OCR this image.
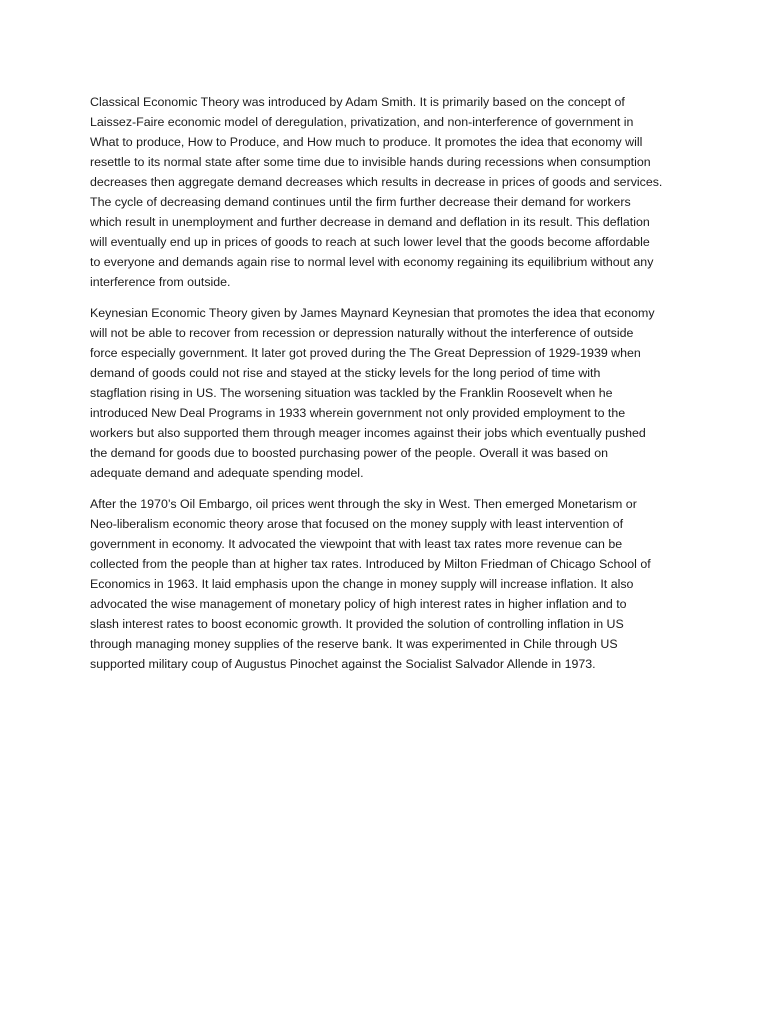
Classical Economic Theory was introduced by Adam Smith. It is primarily based on the concept of
Laissez-Faire economic model of deregulation, privatization, and non-interference of government in
What to produce, How to Produce, and How much to produce. It promotes the idea that economy will
resettle to its normal state after some time due to invisible hands during recessions when consumption
decreases then aggregate demand decreases which results in decrease in prices of goods and services.
The cycle of decreasing demand continues until the firm further decrease their demand for workers
which result in unemployment and further decrease in demand and deflation in its result. This deflation
will eventually end up in prices of goods to reach at such lower level that the goods become affordable
to everyone and demands again rise to normal level with economy regaining its equilibrium without any
interference from outside.

Keynesian Economic Theory given by James Maynard Keynesian that promotes the idea that economy
will not be able to recover from recession or depression naturally without the interference of outside
force especially government. It later got proved during the The Great Depression of 1929-1939 when
demand of goods could not rise and stayed at the sticky levels for the long period of time with
stagflation rising in US. The worsening situation was tackled by the Franklin Roosevelt when he
introduced New Deal Programs in 1933 wherein government not only provided employment to the
workers but also supported them through meager incomes against their jobs which eventually pushed
the demand for goods due to boosted purchasing power of the people. Overall it was based on
adequate demand and adequate spending model.

After the 1970’s Oil Embargo, oil prices went through the sky in West. Then emerged Monetarism or
Neo-liberalism economic theory arose that focused on the money supply with least intervention of
government in economy. It advocated the viewpoint that with least tax rates more revenue can be
collected from the people than at higher tax rates. Introduced by Milton Friedman of Chicago School of
Economics in 1963. It laid emphasis upon the change in money supply will increase inflation. It also
advocated the wise management of monetary policy of high interest rates in higher inflation and to
slash interest rates to boost economic growth. It provided the solution of controlling inflation in US
through managing money supplies of the reserve bank. It was experimented in Chile through US
supported military coup of Augustus Pinochet against the Socialist Salvador Allende in 1973.
